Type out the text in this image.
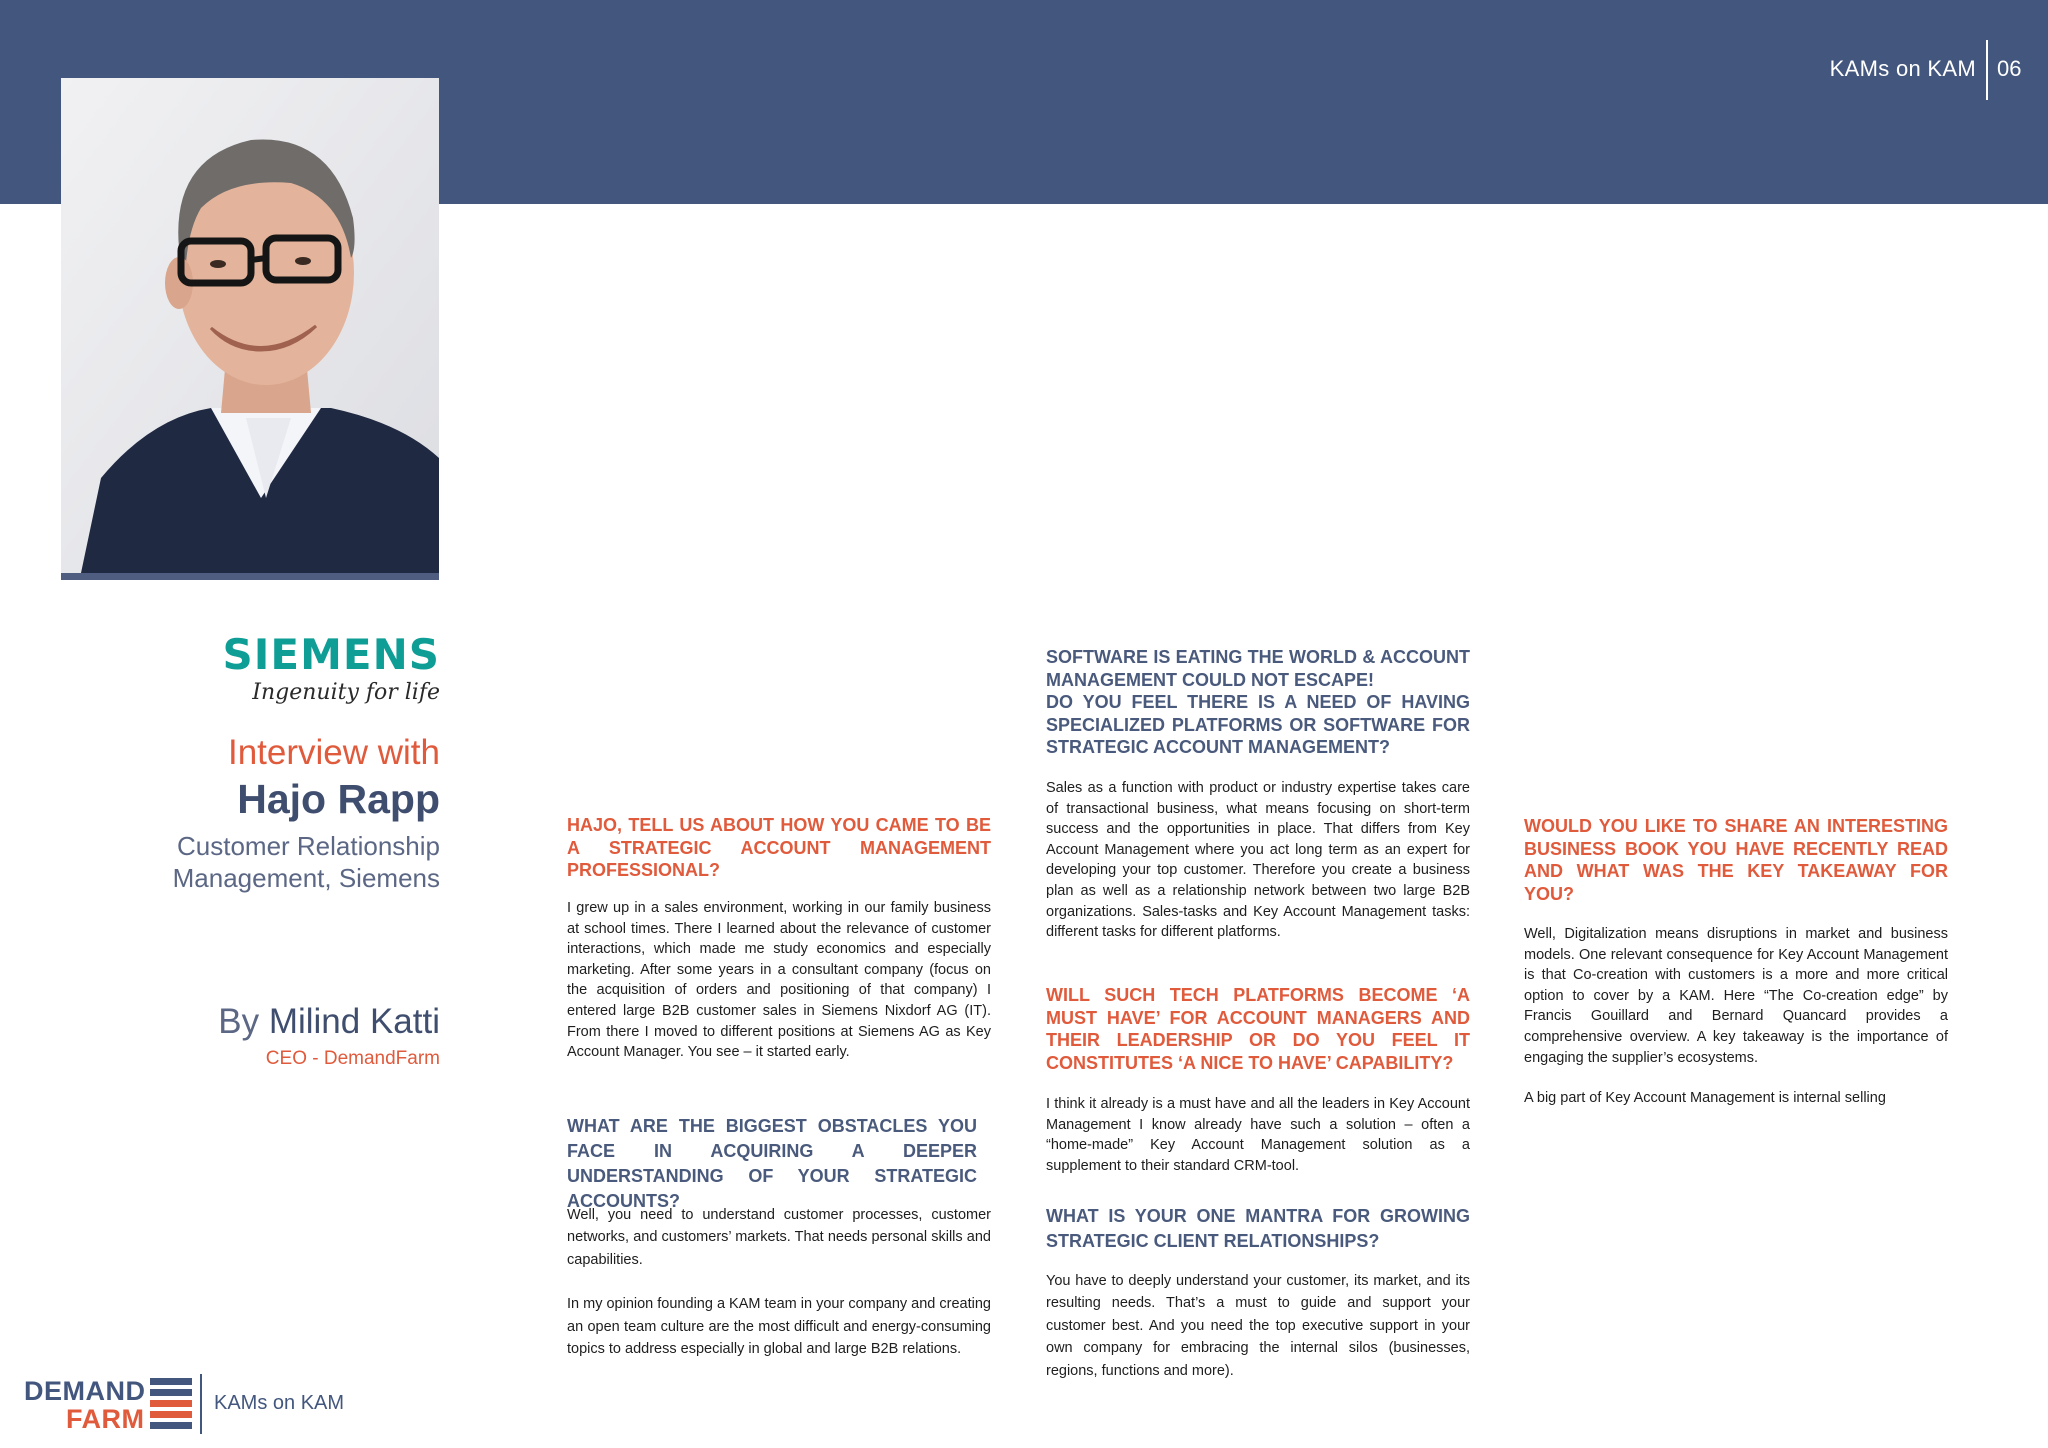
KAMs on KAM 06
SIEMENS
Ingenuity for life
Interview with
Hajo Rapp
Customer Relationship
Management, Siemens
By Milind Katti
CEO - DemandFarm

HAJO, TELL US ABOUT HOW YOU CAME TO BE A STRATEGIC ACCOUNT MANAGEMENT PROFESSIONAL?

I grew up in a sales environment, working in our family business at school times. There I learned about the relevance of customer interactions, which made me study economics and especially marketing. After some years in a consultant company (focus on the acquisition of orders and positioning of that company) I entered large B2B customer sales in Siemens Nixdorf AG (IT). From there I moved to different positions at Siemens AG as Key Account Manager. You see – it started early.

WHAT ARE THE BIGGEST OBSTACLES YOU FACE IN ACQUIRING A DEEPER UNDERSTANDING OF YOUR STRATEGIC ACCOUNTS?

Well, you need to understand customer processes, customer networks, and customers’ markets. That needs personal skills and capabilities.

In my opinion founding a KAM team in your company and creating an open team culture are the most difficult and energy-consuming topics to address especially in global and large B2B relations.

SOFTWARE IS EATING THE WORLD & ACCOUNT MANAGEMENT COULD NOT ESCAPE!

DO YOU FEEL THERE IS A NEED OF HAVING SPECIALIZED PLATFORMS OR SOFTWARE FOR STRATEGIC ACCOUNT MANAGEMENT?

Sales as a function with product or industry expertise takes care of transactional business, what means focusing on short-term success and the opportunities in place. That differs from Key Account Management where you act long term as an expert for developing your top customer. Therefore you create a business plan as well as a relationship network between two large B2B organizations. Sales-tasks and Key Account Management tasks: different tasks for different platforms.

WILL SUCH TECH PLATFORMS BECOME ‘A MUST HAVE’ FOR ACCOUNT MANAGERS AND THEIR LEADERSHIP OR DO YOU FEEL IT CONSTITUTES ‘A NICE TO HAVE’ CAPABILITY?

I think it already is a must have and all the leaders in Key Account Management I know already have such a solution – often a “home-made” Key Account Management solution as a supplement to their standard CRM-tool.

WHAT IS YOUR ONE MANTRA FOR GROWING STRATEGIC CLIENT RELATIONSHIPS?

You have to deeply understand your customer, its market, and its resulting needs. That’s a must to guide and support your customer best. And you need the top executive support in your own company for embracing the internal silos (businesses, regions, functions and more).

WOULD YOU LIKE TO SHARE AN INTERESTING BUSINESS BOOK YOU HAVE RECENTLY READ AND WHAT WAS THE KEY TAKEAWAY FOR YOU?

Well, Digitalization means disruptions in market and business models. One relevant consequence for Key Account Management is that Co-creation with customers is a more and more critical option to cover by a KAM. Here “The Co-creation edge” by Francis Gouillard and Bernard Quancard provides a comprehensive overview. A key takeaway is the importance of engaging the supplier’s ecosystems.

A big part of Key Account Management is internal selling

DEMAND
FARM
KAMs on KAM
